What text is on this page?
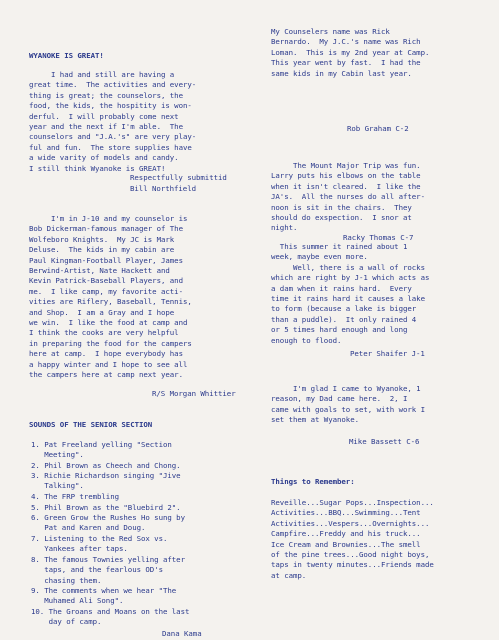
WYANOKE IS GREAT!
I had and still are having a
great time.  The activities and every-
thing is great; the counselors, the
food, the kids, the hospitity is won-
derful.  I will probably come next
year and the next if I'm able.  The
counselors and "J.A.'s" are very play-
ful and fun.  The store supplies have
a wide varity of models and candy.
I still think Wyanoke is GREAT!
Respectfully submittid
Bill Northfield
I'm in J-10 and my counselor is
Bob Dickerman-famous manager of The
Wolfeboro Knights.  My JC is Mark
Deluse.  The kids in my cabin are
Paul Kingman-Football Player, James
Berwind-Artist, Nate Hackett and
Kevin Patrick-Baseball Players, and
me.  I like camp, my favorite acti-
vities are Riflery, Baseball, Tennis,
and Shop.  I am a Gray and I hope
we win.  I like the food at camp and
I think the cooks are very helpful
in preparing the food for the campers
here at camp.  I hope everybody has
a happy winter and I hope to see all
the campers here at camp next year.
R/S Morgan Whittier
SOUNDS OF THE SENIOR SECTION
1. Pat Freeland yelling "Section
Meeting".
2. Phil Brown as Cheech and Chong.
3. Richie Richardson singing "Jive
Talking".
4. The FRP trembling
5. Phil Brown as the "Bluebird 2".
6. Green Grow the Rushes Ho sung by
Pat and Karen and Doug.
7. Listening to the Red Sox vs.
Yankees after taps.
8. The famous Townies yelling after
taps, and the fearlous OD's
chasing them.
9. The comments when we hear "The
Muhamed Ali Song".
10. The Groans and Moans on the last
day of camp.
Dana Kama
My Counselers name was Rick
Bernardo.  My J.C.'s name was Rich
Loman.  This is my 2nd year at Camp.
This year went by fast.  I had the
same kids in my Cabin last year.
Rob Graham C-2
The Mount Major Trip was fun.
Larry puts his elbows on the table
when it isn't cleared.  I like the
JA's.  All the nurses do all after-
noon is sit in the chairs.  They
should do exspection.  I snor at
night.
Racky Thomas C-7
This summer it rained about 1
week, maybe even more.
Well, there is a wall of rocks
which are right by J-1 which acts as
a dam when it rains hard.  Every
time it rains hard it causes a lake
to form (because a lake is bigger
than a puddle).  It only rained 4
or 5 times hard enough and long
enough to flood.
Peter Shaifer J-1
I'm glad I came to Wyanoke, 1
reason, my Dad came here.  2, I
came with goals to set, with work I
set them at Wyanoke.
Mike Bassett C-6
Things to Remember:
Reveille...Sugar Pops...Inspection...
Activities...BBQ...Swimming...Tent
Activities...Vespers...Overnights...
Campfire...Freddy and his truck...
Ice Cream and Brownies...The smell
of the pine trees...Good night boys,
taps in twenty minutes...Friends made
at camp.
